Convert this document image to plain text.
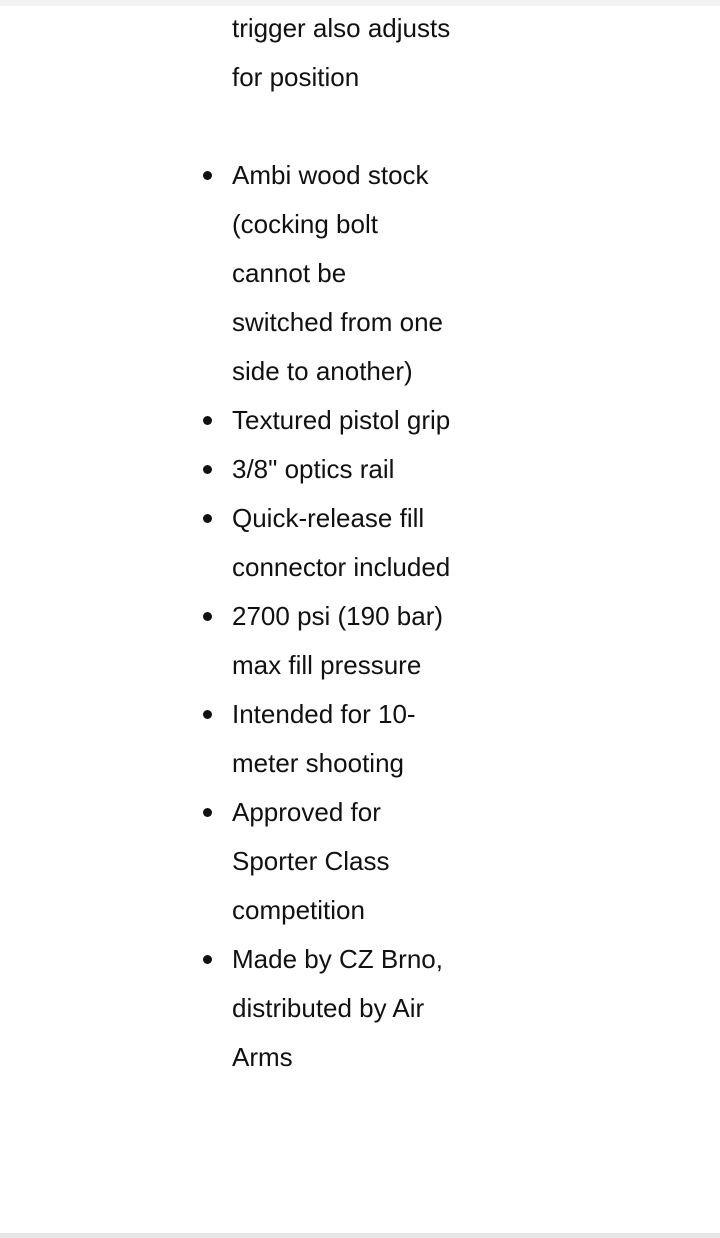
trigger also adjusts for position

Ambi wood stock (cocking bolt cannot be switched from one side to another)
Textured pistol grip
3/8" optics rail
Quick-release fill connector included
2700 psi (190 bar) max fill pressure
Intended for 10-meter shooting
Approved for Sporter Class competition
Made by CZ Brno, distributed by Air Arms
